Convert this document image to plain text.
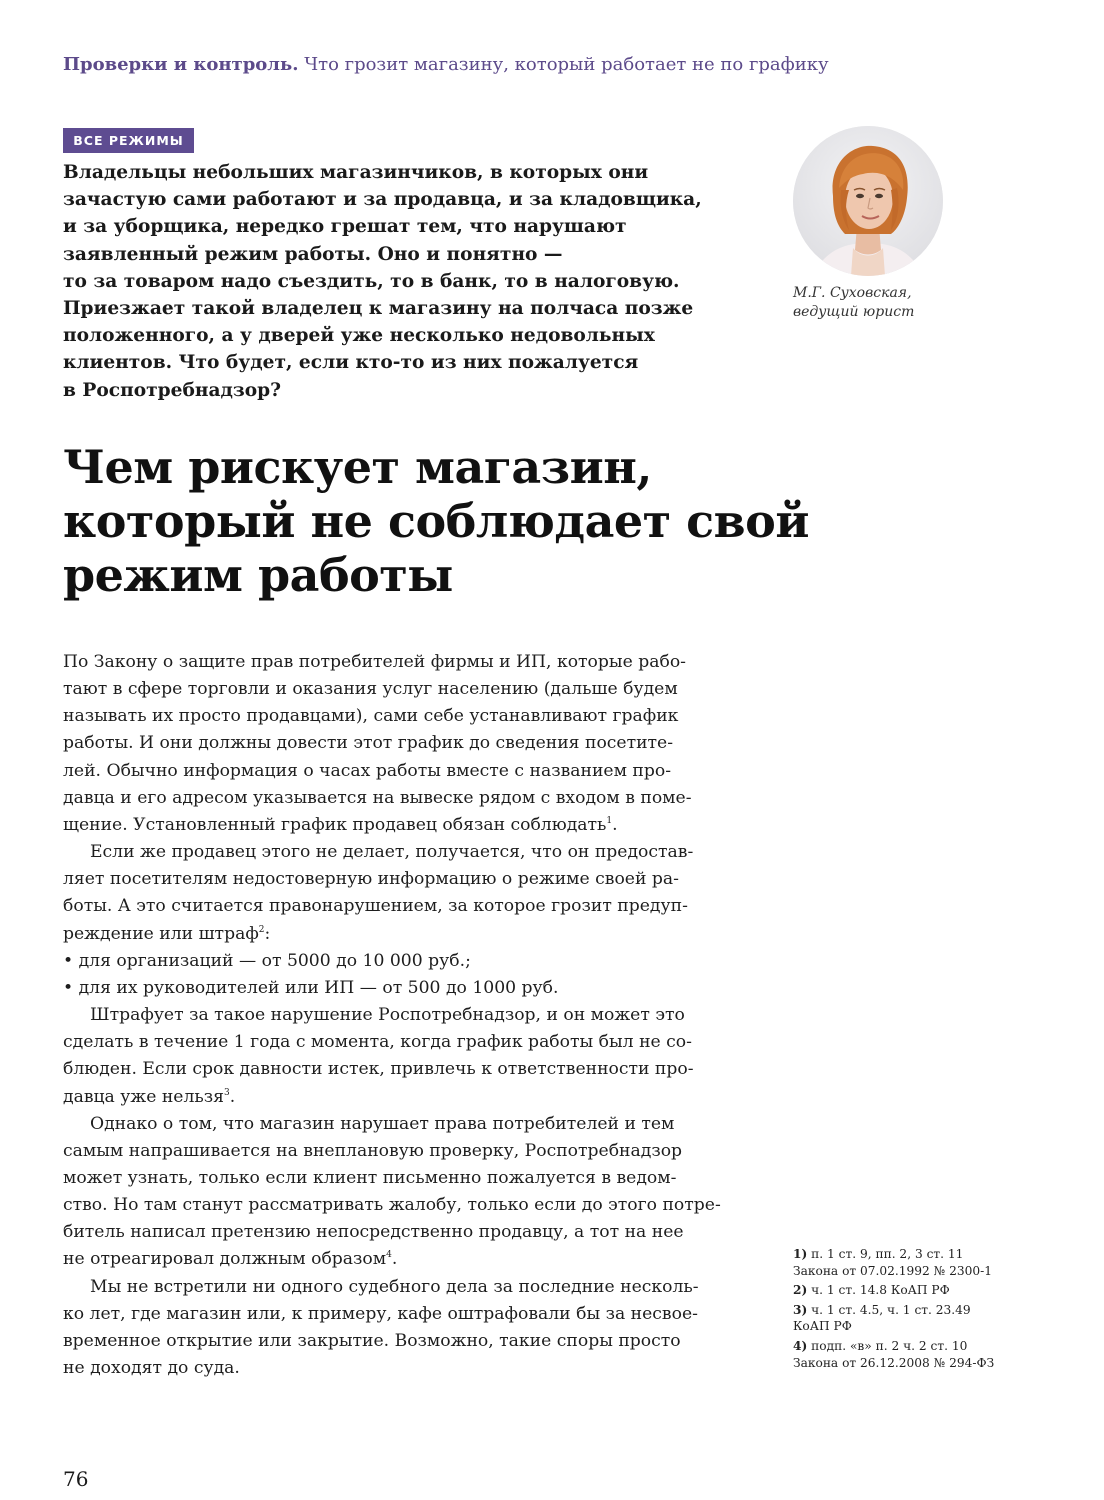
Проверки и контроль. Что грозит магазину, который работает не по графику
ВСЕ РЕЖИМЫ
Владельцы небольших магазинчиков, в которых они
зачастую сами работают и за продавца, и за кладовщика,
и за уборщика, нередко грешат тем, что нарушают
заявленный режим работы. Оно и понятно —
то за товаром надо съездить, то в банк, то в налоговую.
Приезжает такой владелец к магазину на полчаса позже
положенного, а у дверей уже несколько недовольных
клиентов. Что будет, если кто-то из них пожалуется
в Роспотребнадзор?
М.Г. Суховская,
ведущий юрист
Чем рискует магазин,
который не соблюдает свой
режим работы
По Закону о защите прав потребителей фирмы и ИП, которые рабо-
тают в сфере торговли и оказания услуг населению (дальше будем
называть их просто продавцами), сами себе устанавливают график
работы. И они должны довести этот график до сведения посетите-
лей. Обычно информация о часах работы вместе с названием про-
давца и его адресом указывается на вывеске рядом с входом в поме-
щение. Установленный график продавец обязан соблюдать$^1$.
Если же продавец этого не делает, получается, что он предостав-
ляет посетителям недостоверную информацию о режиме своей ра-
боты. А это считается правонарушением, за которое грозит предуп-
реждение или штраф$^2$:
• для организаций — от 5000 до 10 000 руб.;
• для их руководителей или ИП — от 500 до 1000 руб.
Штрафует за такое нарушение Роспотребнадзор, и он может это
сделать в течение 1 года с момента, когда график работы был не со-
блюден. Если срок давности истек, привлечь к ответственности про-
давца уже нельзя$^3$.
Однако о том, что магазин нарушает права потребителей и тем
самым напрашивается на внеплановую проверку, Роспотребнадзор
может узнать, только если клиент письменно пожалуется в ведом-
ство. Но там станут рассматривать жалобу, только если до этого потре-
битель написал претензию непосредственно продавцу, а тот на нее
не отреагировал должным образом$^4$.
Мы не встретили ни одного судебного дела за последние несколь-
ко лет, где магазин или, к примеру, кафе оштрафовали бы за несвое-
временное открытие или закрытие. Возможно, такие споры просто
не доходят до суда.
1) п. 1 ст. 9, пп. 2, 3 ст. 11
Закона от 07.02.1992 № 2300-1
2) ч. 1 ст. 14.8 КоАП РФ
3) ч. 1 ст. 4.5, ч. 1 ст. 23.49
КоАП РФ
4) подп. «в» п. 2 ч. 2 ст. 10
Закона от 26.12.2008 № 294-ФЗ
76
